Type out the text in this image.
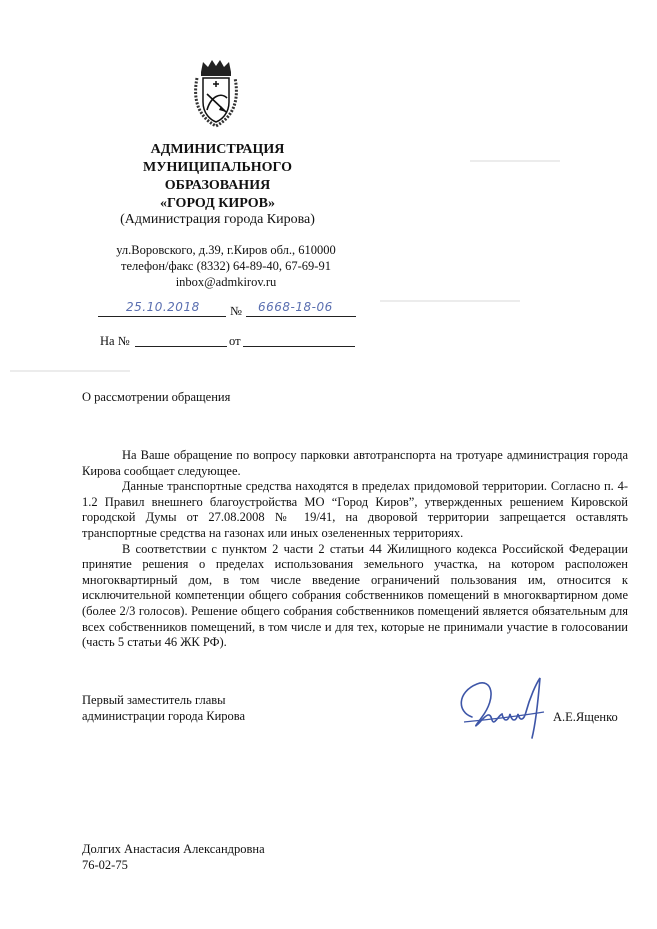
АДМИНИСТРАЦИЯ
МУНИЦИПАЛЬНОГО
ОБРАЗОВАНИЯ
«ГОРОД КИРОВ»
(Администрация города Кирова)
ул.Воровского, д.39, г.Киров обл., 610000
телефон/факс (8332) 64-89-40, 67-69-91
inbox@admkirov.ru
25.10.2018 № 6668-18-06
На №	от
О рассмотрении обращения

На Ваше обращение по вопросу парковки автотранспорта на тротуаре администрация города Кирова сообщает следующее.

Данные транспортные средства находятся в пределах придомовой территории. Согласно п. 4-1.2 Правил внешнего благоустройства МО “Город Киров”, утвержденных решением Кировской городской Думы от 27.08.2008 № 19/41, на дворовой территории запрещается оставлять транспортные средства на газонах или иных озелененных территориях.

В соответствии с пунктом 2 части 2 статьи 44 Жилищного кодекса Российской Федерации принятие решения о пределах использования земельного участка, на котором расположен многоквартирный дом, в том числе введение ограничений пользования им, относится к исключительной компетенции общего собрания собственников помещений в многоквартирном доме (более 2/3 голосов). Решение общего собрания собственников помещений является обязательным для всех собственников помещений, в том числе и для тех, которые не принимали участие в голосовании (часть 5 статьи 46 ЖК РФ).

Первый заместитель главы
администрации города Кирова	А.Е.Ященко
Долгих Анастасия Александровна
76-02-75
